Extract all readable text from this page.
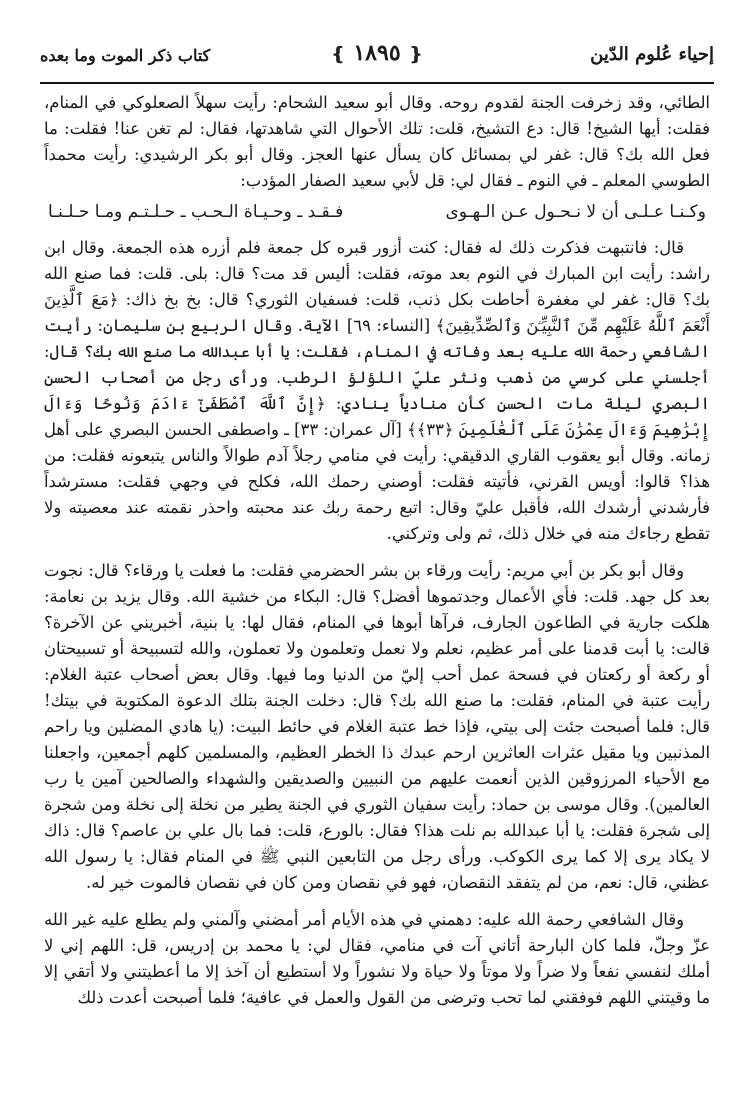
إحياء عُلوم الدّين
❴ ١٨٩٥ ❵
كتاب ذكر الموت وما بعده

الطائي، وقد زخرفت الجنة لقدوم روحه. وقال أبو سعيد الشحام: رأيت سهلاً الصعلوكي في المنام، فقلت: أيها الشيخ! قال: دع التشيخ، قلت: تلك الأحوال التي شاهدتها، فقال: لم تغن عنا! فقلت: ما فعل الله بك؟ قال: غفر لي بمسائل كان يسأل عنها العجز. وقال أبو بكر الرشيدي: رأيت محمداً الطوسي المعلم ـ في النوم ـ فقال لي: قل لأبي سعيد الصفار المؤدب:

وكـنـا عـلـى أن لا نـحـول عـن الـهـوى
فـقـد ـ وحـيـاة الـحـب ـ حـلـتـم ومـا حـلـنـا

قال: فانتبهت فذكرت ذلك له فقال: كنت أزور قبره كل جمعة فلم أزره هذه الجمعة. وقال ابن راشد: رأيت ابن المبارك في النوم بعد موته، فقلت: أليس قد مت؟ قال: بلى. قلت: فما صنع الله بك؟ قال: غفر لي مغفرة أحاطت بكل ذنب، قلت: فسفيان الثوري؟ قال: بخ بخ ذاك: ﴿مَعَ ٱلَّذِينَ أَنْعَمَ ٱللَّهُ عَلَيْهِم مِّنَ ٱلنَّبِيِّـۧنَ وَٱلصِّدِّيقِينَ﴾ [النساء: ٦٩] الآية. وقال الربيع بن سليمان: رأيت الشافعي رحمة الله عليه بعد وفاته في المنام، فقلت: يا أبا عبدالله ما صنع الله بك؟ قال: أجلسني على كرسي من ذهب ونثر عليّ اللؤلؤ الرطب. ورأى رجل من أصحاب الحسن البصري ليلة مات الحسن كأن منادياً ينادي: ﴿إِنَّ ٱللَّهَ ٱصْطَفَىٰٓ ءَادَمَ وَنُوحًا وَءَالَ إِبْرَٰهِيمَ وَءَالَ عِمْرَٰنَ عَلَى ٱلْعَٰلَمِينَ ﴿٣٣﴾﴾ [آل عمران: ٣٣] ـ واصطفى الحسن البصري على أهل زمانه. وقال أبو يعقوب القاري الدقيقي: رأيت في منامي رجلاً آدم طوالاً والناس يتبعونه فقلت: من هذا؟ قالوا: أويس القرني، فأتيته فقلت: أوصني رحمك الله، فكلح في وجهي فقلت: مسترشداً فأرشدني أرشدك الله، فأقبل عليّ وقال: اتبع رحمة ربك عند محبته واحذر نقمته عند معصيته ولا تقطع رجاءك منه في خلال ذلك، ثم ولى وتركني.

وقال أبو بكر بن أبي مريم: رأيت ورقاء بن بشر الحضرمي فقلت: ما فعلت يا ورقاء؟ قال: نجوت بعد كل جهد. قلت: فأي الأعمال وجدتموها أفضل؟ قال: البكاء من خشية الله. وقال يزيد بن نعامة: هلكت جارية في الطاعون الجارف، فرآها أبوها في المنام، فقال لها: يا بنية، أخبريني عن الآخرة؟ قالت: يا أبت قدمنا على أمر عظيم، نعلم ولا نعمل وتعلمون ولا تعملون، والله لتسبيحة أو تسبيحتان أو ركعة أو ركعتان في فسحة عمل أحب إليّ من الدنيا وما فيها. وقال بعض أصحاب عتبة الغلام: رأيت عتبة في المنام، فقلت: ما صنع الله بك؟ قال: دخلت الجنة بتلك الدعوة المكتوبة في بيتك! قال: فلما أصبحت جئت إلى بيتي، فإذا خط عتبة الغلام في حائط البيت: (يا هادي المضلين ويا راحم المذنبين ويا مقيل عثرات العاثرين ارحم عبدك ذا الخطر العظيم، والمسلمين كلهم أجمعين، واجعلنا مع الأحياء المرزوقين الذين أنعمت عليهم من النبيين والصديقين والشهداء والصالحين آمين يا رب العالمين). وقال موسى بن حماد: رأيت سفيان الثوري في الجنة يطير من نخلة إلى نخلة ومن شجرة إلى شجرة فقلت: يا أبا عبدالله بم نلت هذا؟ فقال: بالورع، قلت: فما بال علي بن عاصم؟ قال: ذاك لا يكاد يرى إلا كما يرى الكوكب. ورأى رجل من التابعين النبي ﷺ في المنام فقال: يا رسول الله عظني، قال: نعم، من لم يتفقد النقصان، فهو في نقصان ومن كان في نقصان فالموت خير له.

وقال الشافعي رحمة الله عليه: دهمني في هذه الأيام أمر أمضني وآلمني ولم يطلع عليه غير الله عزّ وجلّ، فلما كان البارحة أتاني آت في منامي، فقال لي: يا محمد بن إدريس، قل: اللهم إني لا أملك لنفسي نفعاً ولا ضراً ولا موتاً ولا حياة ولا نشوراً ولا أستطيع أن آخذ إلا ما أعطيتني ولا أتقي إلا ما وقيتني اللهم فوفقني لما تحب وترضى من القول والعمل في عافية؛ فلما أصبحت أعدت ذلك
